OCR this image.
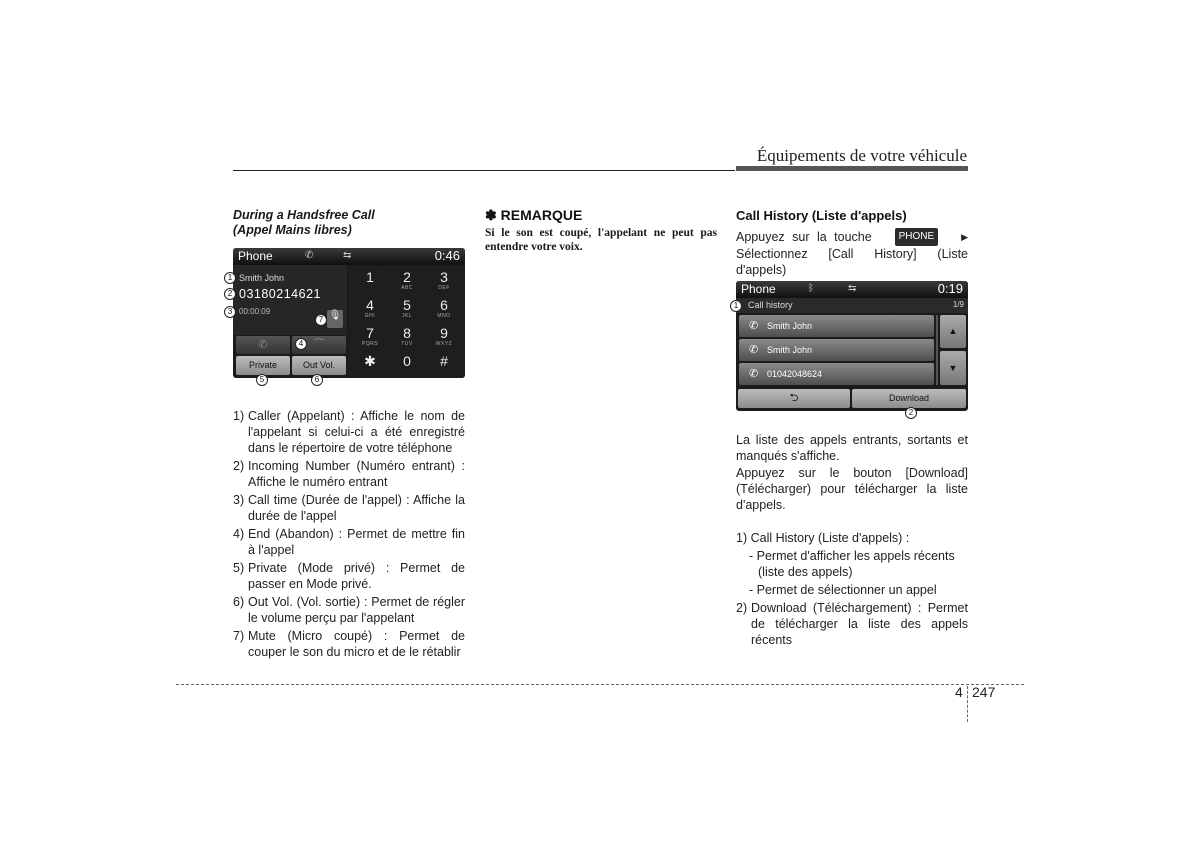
Équipements de votre véhicule
During a Handsfree Call
(Appel Mains libres)
Phone	✆	⇆	0:46
Smith John
03180214621
00:00:09	🎙
1	2
ABC
3
DEF
4
GHI
5
JKL
6
MNO
7
PQRS
8
TUV
9
WXYZ
✱	0	#
✆	⌒
Private	Out Vol.
1
2
3
7
4
5	6
1) Caller (Appelant) : Affiche le nom de l'appelant si celui-ci a été enregistré dans le répertoire de votre téléphone
2) Incoming Number (Numéro entrant) : Affiche le numéro entrant
3) Call time (Durée de l'appel) : Affiche la durée de l'appel
4) End (Abandon) : Permet de mettre fin à l'appel
5) Private (Mode privé) : Permet de passer en Mode privé.
6) Out Vol. (Vol. sortie) : Permet de régler le volume perçu par l'appelant
7) Mute (Micro coupé) : Permet de couper le son du micro et de le rétablir
✽ REMARQUE
Si le son est coupé, l'appelant ne peut pas entendre votre voix.
Call History (Liste d'appels)
Appuyez sur la touche	PHONE	▶
Sélectionnez [Call History] (Liste d'appels)
Phone	ᛒ	⇆	0:19
Call history	1/9
✆ Smith John
✆ Smith John
✆ 01042048624
▲
▼
⮌	Download
1
2
La liste des appels entrants, sortants et manqués s'affiche.
Appuyez sur le bouton [Download] (Télécharger) pour télécharger la liste d'appels.
1) Call History (Liste d'appels) :
- Permet d'afficher les appels récents (liste des appels)
- Permet de sélectionner un appel
2) Download (Téléchargement) : Permet de télécharger la liste des appels récents
4 247
